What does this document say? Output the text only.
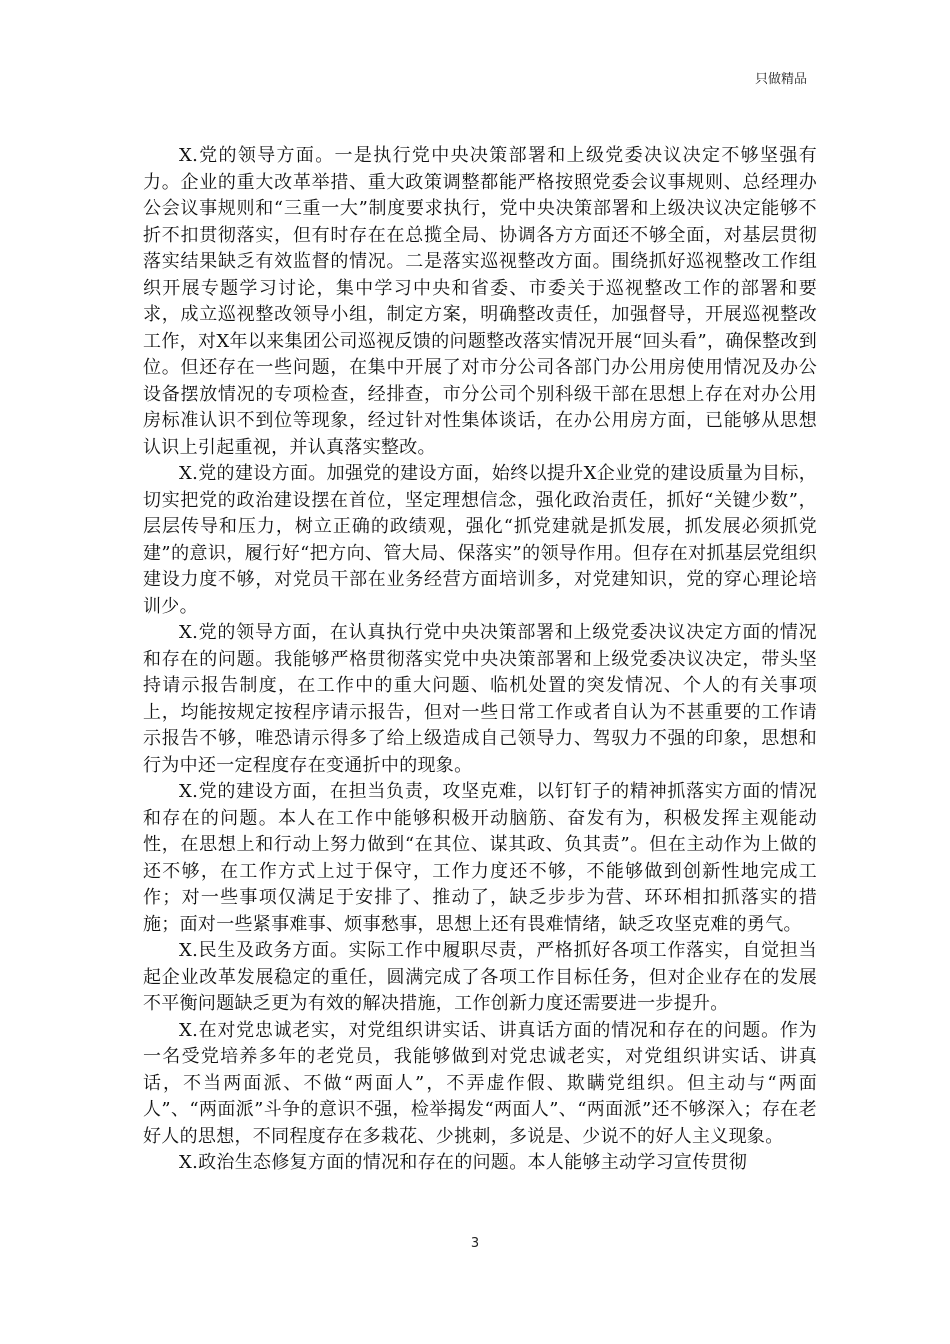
只做精品

X.党的领导方面。一是执行党中央决策部署和上级党委决议决定不够坚强有力。企业的重大改革举措、重大政策调整都能严格按照党委会议事规则、总经理办公会议事规则和“三重一大”制度要求执行，党中央决策部署和上级决议决定能够不折不扣贯彻落实，但有时存在在总揽全局、协调各方方面还不够全面，对基层贯彻落实结果缺乏有效监督的情况。二是落实巡视整改方面。围绕抓好巡视整改工作组织开展专题学习讨论，集中学习中央和省委、市委关于巡视整改工作的部署和要求，成立巡视整改领导小组，制定方案，明确整改责任，加强督导，开展巡视整改工作，对X年以来集团公司巡视反馈的问题整改落实情况开展“回头看”，确保整改到位。但还存在一些问题，在集中开展了对市分公司各部门办公用房使用情况及办公设备摆放情况的专项检查，经排查，市分公司个别科级干部在思想上存在对办公用房标准认识不到位等现象，经过针对性集体谈话，在办公用房方面，已能够从思想认识上引起重视，并认真落实整改。

X.党的建设方面。加强党的建设方面，始终以提升X企业党的建设质量为目标，切实把党的政治建设摆在首位，坚定理想信念，强化政治责任，抓好“关键少数”，层层传导和压力，树立正确的政绩观，强化“抓党建就是抓发展，抓发展必须抓党建”的意识，履行好“把方向、管大局、保落实”的领导作用。但存在对抓基层党组织建设力度不够，对党员干部在业务经营方面培训多，对党建知识，党的穿心理论培训少。

X.党的领导方面，在认真执行党中央决策部署和上级党委决议决定方面的情况和存在的问题。我能够严格贯彻落实党中央决策部署和上级党委决议决定，带头坚持请示报告制度，在工作中的重大问题、临机处置的突发情况、个人的有关事项上，均能按规定按程序请示报告，但对一些日常工作或者自认为不甚重要的工作请示报告不够，唯恐请示得多了给上级造成自己领导力、驾驭力不强的印象，思想和行为中还一定程度存在变通折中的现象。

X.党的建设方面，在担当负责，攻坚克难，以钉钉子的精神抓落实方面的情况和存在的问题。本人在工作中能够积极开动脑筋、奋发有为，积极发挥主观能动性，在思想上和行动上努力做到“在其位、谋其政、负其责”。但在主动作为上做的还不够，在工作方式上过于保守，工作力度还不够，不能够做到创新性地完成工作；对一些事项仅满足于安排了、推动了，缺乏步步为营、环环相扣抓落实的措施；面对一些紧事难事、烦事愁事，思想上还有畏难情绪，缺乏攻坚克难的勇气。

X.民生及政务方面。实际工作中履职尽责，严格抓好各项工作落实，自觉担当起企业改革发展稳定的重任，圆满完成了各项工作目标任务，但对企业存在的发展不平衡问题缺乏更为有效的解决措施，工作创新力度还需要进一步提升。

X.在对党忠诚老实，对党组织讲实话、讲真话方面的情况和存在的问题。作为一名受党培养多年的老党员，我能够做到对党忠诚老实，对党组织讲实话、讲真话，不当两面派、不做“两面人”，不弄虚作假、欺瞒党组织。但主动与“两面人”、“两面派”斗争的意识不强，检举揭发“两面人”、“两面派”还不够深入；存在老好人的思想，不同程度存在多栽花、少挑刺，多说是、少说不的好人主义现象。

X.政治生态修复方面的情况和存在的问题。本人能够主动学习宣传贯彻

3
